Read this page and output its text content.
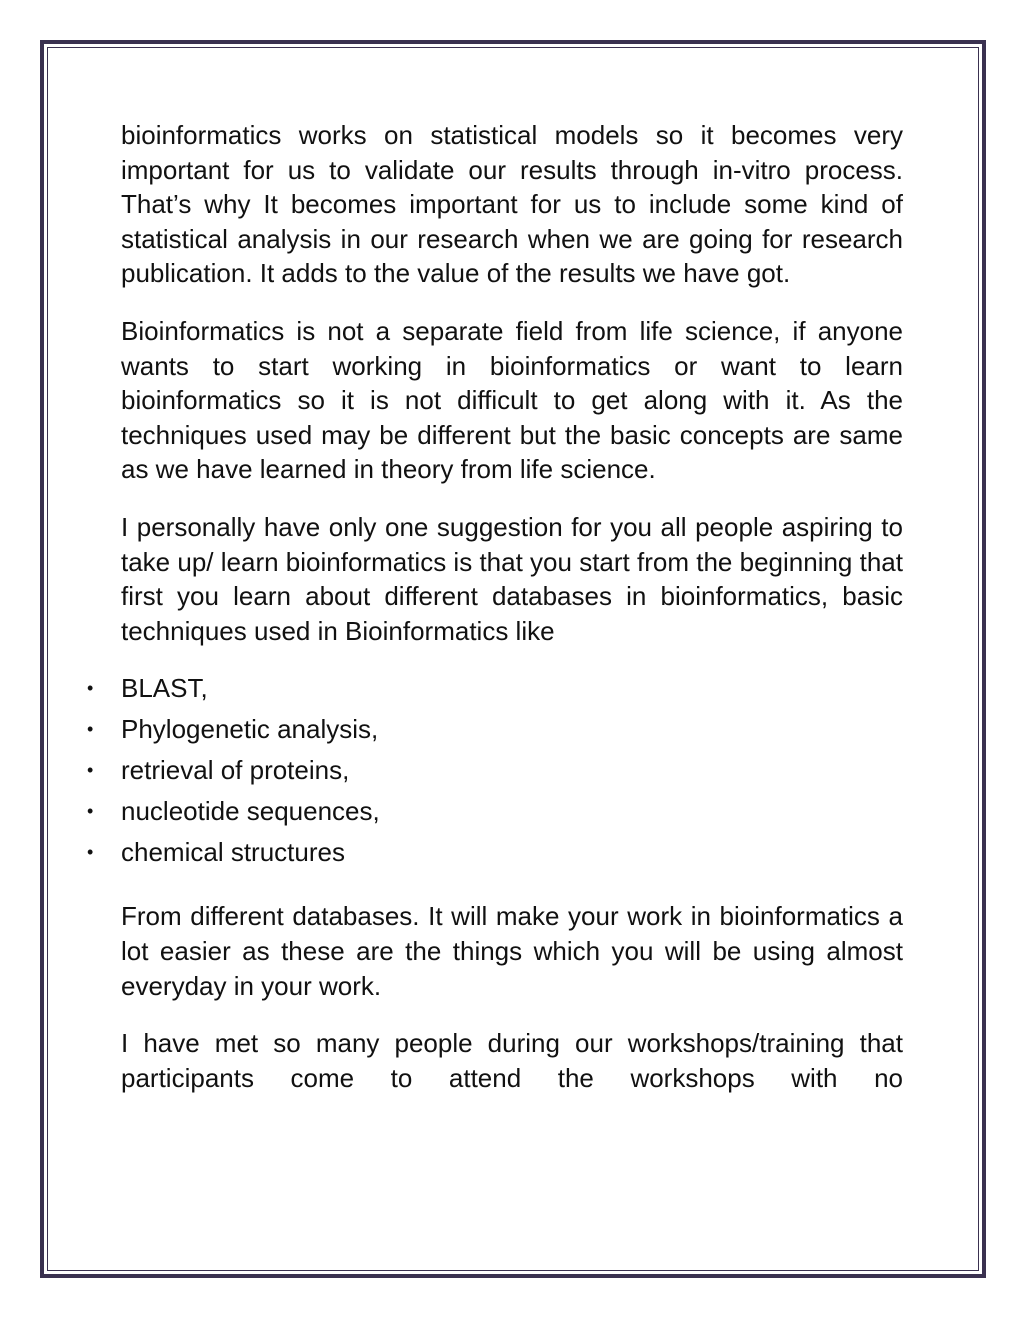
bioinformatics works on statistical models so it becomes very important for us to validate our results through in-vitro process. That’s why It becomes important for us to include some kind of statistical analysis in our research when we are going for research publication. It adds to the value of the results we have got.

Bioinformatics is not a separate field from life science, if anyone wants to start working in bioinformatics or want to learn bioinformatics so it is not difficult to get along with it. As the techniques used may be different but the basic concepts are same as we have learned in theory from life science.

I personally have only one suggestion for you all people aspiring to take up/ learn bioinformatics is that you start from the beginning that first you learn about different databases in bioinformatics, basic techniques used in Bioinformatics like

• BLAST,
• Phylogenetic analysis,
• retrieval of proteins,
• nucleotide sequences,
• chemical structures

From different databases. It will make your work in bioinformatics a lot easier as these are the things which you will be using almost everyday in your work.

I have met so many people during our workshops/training that participants come to attend the workshops with no
